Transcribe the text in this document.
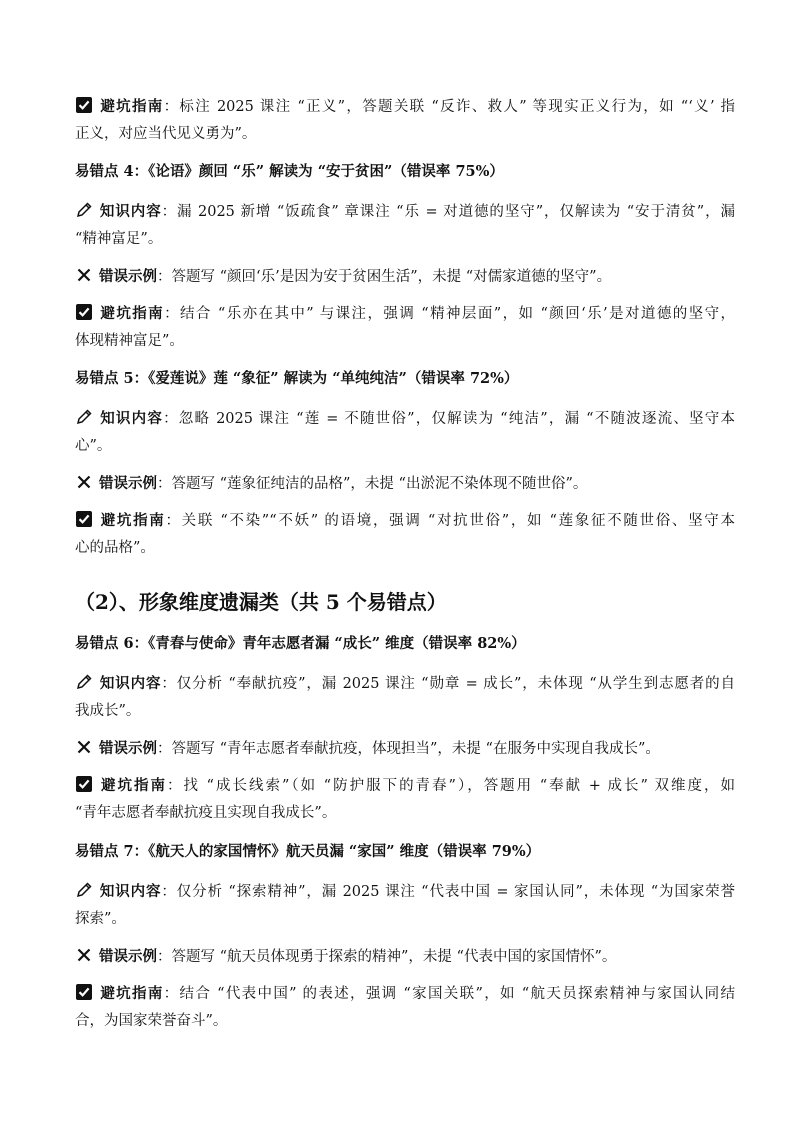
避坑指南：标注 2025 课注 “正义”，答题关联 “反诈、救人” 等现实正义行为，如 “‘义’ 指
正义，对应当代见义勇为”。
易错点 4：《论语》颜回 “乐” 解读为 “安于贫困”（错误率 75%）
知识内容：漏 2025 新增 “饭疏食” 章课注 “乐 = 对道德的坚守”，仅解读为 “安于清贫”，漏
“精神富足”。
错误示例：答题写 “颜回‘乐’是因为安于贫困生活”，未提 “对儒家道德的坚守”。
避坑指南：结合 “乐亦在其中” 与课注，强调 “精神层面”，如 “颜回‘乐’是对道德的坚守，
体现精神富足”。
易错点 5：《爱莲说》莲 “象征” 解读为 “单纯纯洁”（错误率 72%）
知识内容：忽略 2025 课注 “莲 = 不随世俗”，仅解读为 “纯洁”，漏 “不随波逐流、坚守本
心”。
错误示例：答题写 “莲象征纯洁的品格”，未提 “出淤泥不染体现不随世俗”。
避坑指南：关联 “不染”“不妖” 的语境，强调 “对抗世俗”，如 “莲象征不随世俗、坚守本
心的品格”。
（2）、形象维度遗漏类（共 5 个易错点）
易错点 6：《青春与使命》青年志愿者漏 “成长” 维度（错误率 82%）
知识内容：仅分析 “奉献抗疫”，漏 2025 课注 “勋章 = 成长”，未体现 “从学生到志愿者的自
我成长”。
错误示例：答题写 “青年志愿者奉献抗疫，体现担当”，未提 “在服务中实现自我成长”。
避坑指南：找 “成长线索”（如 “防护服下的青春”），答题用 “奉献 + 成长” 双维度，如
“青年志愿者奉献抗疫且实现自我成长”。
易错点 7：《航天人的家国情怀》航天员漏 “家国” 维度（错误率 79%）
知识内容：仅分析 “探索精神”，漏 2025 课注 “代表中国 = 家国认同”，未体现 “为国家荣誉
探索”。
错误示例：答题写 “航天员体现勇于探索的精神”，未提 “代表中国的家国情怀”。
避坑指南：结合 “代表中国” 的表述，强调 “家国关联”，如 “航天员探索精神与家国认同结
合，为国家荣誉奋斗”。
